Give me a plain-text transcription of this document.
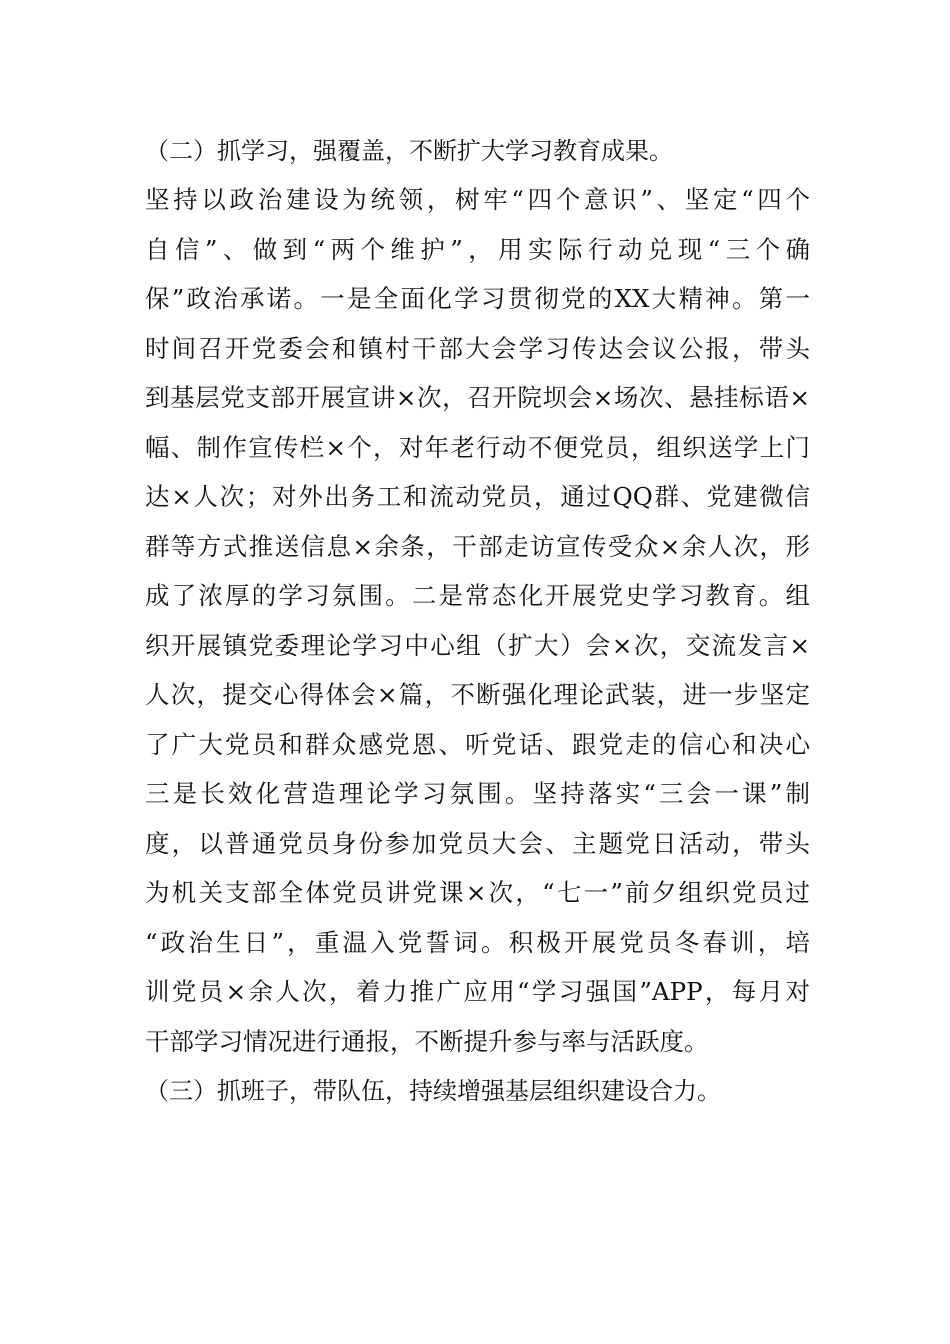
（二）抓学习，强覆盖，不断扩大学习教育成果。
坚持以政治建设为统领，树牢“四个意识”、坚定“四个
自信”、做到“两个维护”，用实际行动兑现“三个确
保”政治承诺。一是全面化学习贯彻党的XX大精神。第一
时间召开党委会和镇村干部大会学习传达会议公报，带头
到基层党支部开展宣讲×次，召开院坝会×场次、悬挂标语×
幅、制作宣传栏×个，对年老行动不便党员，组织送学上门
达×人次；对外出务工和流动党员，通过QQ群、党建微信
群等方式推送信息×余条，干部走访宣传受众×余人次，形
成了浓厚的学习氛围。二是常态化开展党史学习教育。组
织开展镇党委理论学习中心组（扩大）会×次，交流发言×
人次，提交心得体会×篇，不断强化理论武装，进一步坚定
了广大党员和群众感党恩、听党话、跟党走的信心和决心
三是长效化营造理论学习氛围。坚持落实“三会一课”制
度，以普通党员身份参加党员大会、主题党日活动，带头
为机关支部全体党员讲党课×次，“七一”前夕组织党员过
“政治生日”，重温入党誓词。积极开展党员冬春训，培
训党员×余人次，着力推广应用“学习强国”APP，每月对
干部学习情况进行通报，不断提升参与率与活跃度。
（三）抓班子，带队伍，持续增强基层组织建设合力。
